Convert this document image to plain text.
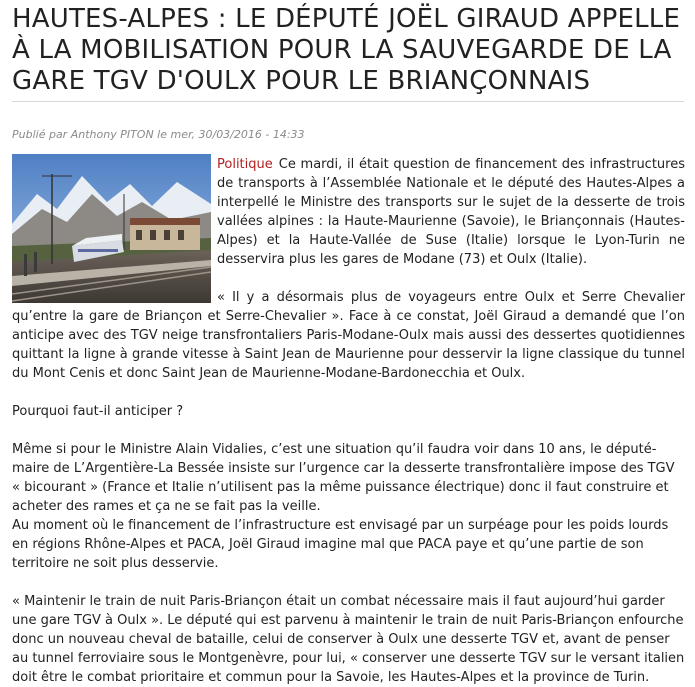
HAUTES-ALPES : LE DÉPUTÉ JOËL GIRAUD APPELLE À LA MOBILISATION POUR LA SAUVEGARDE DE LA GARE TGV D'OULX POUR LE BRIANÇONNAIS

Publié par Anthony PITON le mer, 30/03/2016 - 14:33

Politique Ce mardi, il était question de financement des infrastructures de transports à l’Assemblée Nationale et le député des Hautes-Alpes a interpellé le Ministre des transports sur le sujet de la desserte de trois vallées alpines : la Haute-Maurienne (Savoie), le Briançonnais (Hautes-Alpes) et la Haute-Vallée de Suse (Italie) lorsque le Lyon-Turin ne desservira plus les gares de Modane (73) et Oulx (Italie).

« Il y a désormais plus de voyageurs entre Oulx et Serre Chevalier qu’entre la gare de Briançon et Serre-Chevalier ». Face à ce constat, Joël Giraud a demandé que l’on anticipe avec des TGV neige transfrontaliers Paris-Modane-Oulx mais aussi des dessertes quotidiennes quittant la ligne à grande vitesse à Saint Jean de Maurienne pour desservir la ligne classique du tunnel du Mont Cenis et donc Saint Jean de Maurienne-Modane-Bardonecchia et Oulx.

Pourquoi faut-il anticiper ?

Même si pour le Ministre Alain Vidalies, c’est une situation qu’il faudra voir dans 10 ans, le député-maire de L’Argentière-La Bessée insiste sur l’urgence car la desserte transfrontalière impose des TGV « bicourant » (France et Italie n’utilisent pas la même puissance électrique) donc il faut construire et acheter des rames et ça ne se fait pas la veille.

Au moment où le financement de l’infrastructure est envisagé par un surpéage pour les poids lourds en régions Rhône-Alpes et PACA, Joël Giraud imagine mal que PACA paye et qu’une partie de son territoire ne soit plus desservie.

« Maintenir le train de nuit Paris-Briançon était un combat nécessaire mais il faut aujourd’hui garder une gare TGV à Oulx ». Le député qui est parvenu à maintenir le train de nuit Paris-Briançon enfourche donc un nouveau cheval de bataille, celui de conserver à Oulx une desserte TGV et, avant de penser au tunnel ferroviaire sous le Montgenèvre, pour lui, « conserver une desserte TGV sur le versant italien doit être le combat prioritaire et commun pour la Savoie, les Hautes-Alpes et la province de Turin.
